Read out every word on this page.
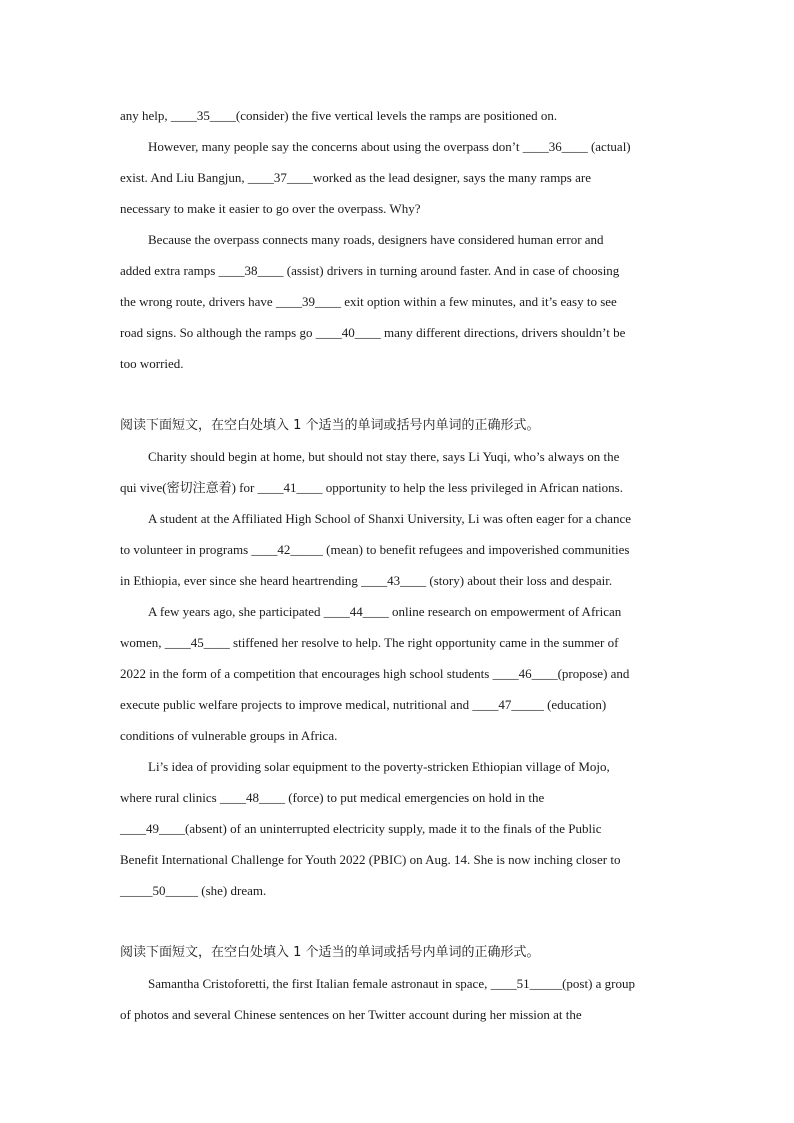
any help, ____35____(consider) the five vertical levels the ramps are positioned on.
However, many people say the concerns about using the overpass don’t ____36____ (actual)
exist. And Liu Bangjun, ____37____worked as the lead designer, says the many ramps are
necessary to make it easier to go over the overpass. Why?
Because the overpass connects many roads, designers have considered human error and
added extra ramps ____38____ (assist) drivers in turning around faster. And in case of choosing
the wrong route, drivers have ____39____ exit option within a few minutes, and it’s easy to see
road signs. So although the ramps go ____40____ many different directions, drivers shouldn’t be
too worried.
阅读下面短文，在空白处填入 1 个适当的单词或括号内单词的正确形式。
Charity should begin at home, but should not stay there, says Li Yuqi, who’s always on the
qui vive(密切注意着) for ____41____ opportunity to help the less privileged in African nations.
A student at the Affiliated High School of Shanxi University, Li was often eager for a chance
to volunteer in programs ____42_____ (mean) to benefit refugees and impoverished communities
in Ethiopia, ever since she heard heartrending ____43____ (story) about their loss and despair.
A few years ago, she participated ____44____ online research on empowerment of African
women, ____45____ stiffened her resolve to help. The right opportunity came in the summer of
2022 in the form of a competition that encourages high school students ____46____(propose) and
execute public welfare projects to improve medical, nutritional and ____47_____ (education)
conditions of vulnerable groups in Africa.
Li’s idea of providing solar equipment to the poverty-stricken Ethiopian village of Mojo,
where rural clinics ____48____ (force) to put medical emergencies on hold in the
____49____(absent) of an uninterrupted electricity supply, made it to the finals of the Public
Benefit International Challenge for Youth 2022 (PBIC) on Aug. 14. She is now inching closer to
_____50_____ (she) dream.
阅读下面短文，在空白处填入 1 个适当的单词或括号内单词的正确形式。
Samantha Cristoforetti, the first Italian female astronaut in space, ____51_____(post) a group
of photos and several Chinese sentences on her Twitter account during her mission at the
